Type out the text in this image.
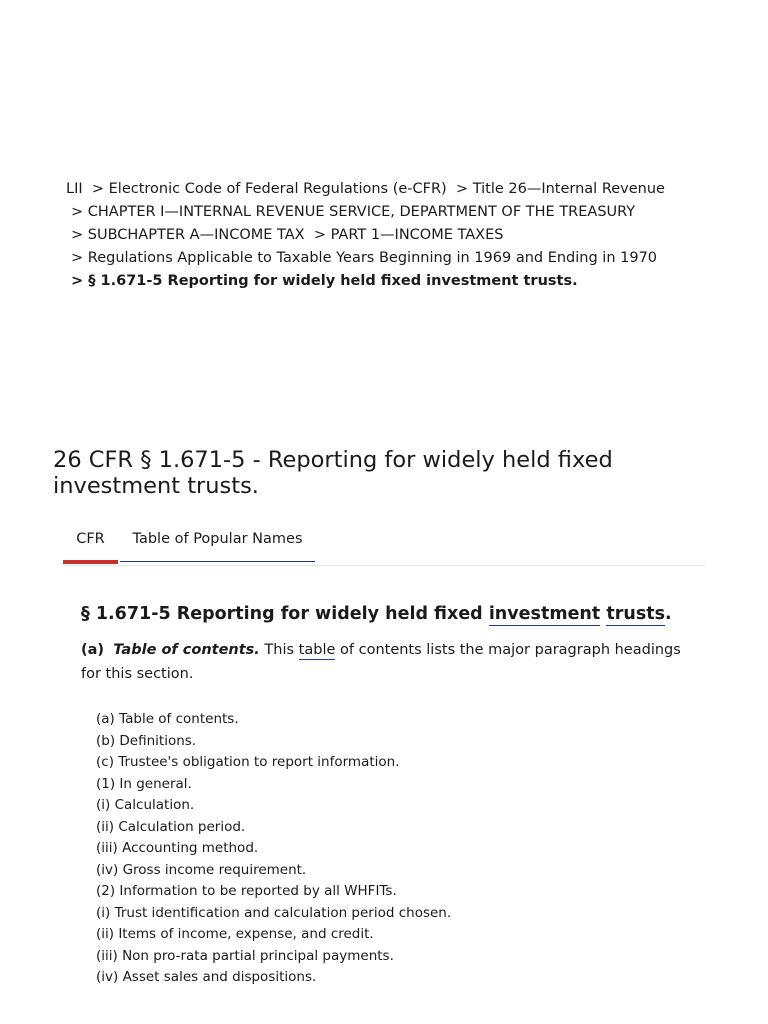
LII > Electronic Code of Federal Regulations (e-CFR) > Title 26—Internal Revenue
> CHAPTER I—INTERNAL REVENUE SERVICE, DEPARTMENT OF THE TREASURY
> SUBCHAPTER A—INCOME TAX > PART 1—INCOME TAXES
> Regulations Applicable to Taxable Years Beginning in 1969 and Ending in 1970
> § 1.671-5 Reporting for widely held fixed investment trusts.
26 CFR § 1.671-5 - Reporting for widely held fixed investment trusts.
CFR	Table of Popular Names
§ 1.671-5 Reporting for widely held fixed investment trusts.

(a) Table of contents. This table of contents lists the major paragraph headings for this section.

(a) Table of contents.
(b) Definitions.
(c) Trustee's obligation to report information.
(1) In general.
(i) Calculation.
(ii) Calculation period.
(iii) Accounting method.
(iv) Gross income requirement.
(2) Information to be reported by all WHFITs.
(i) Trust identification and calculation period chosen.
(ii) Items of income, expense, and credit.
(iii) Non pro-rata partial principal payments.
(iv) Asset sales and dispositions.
